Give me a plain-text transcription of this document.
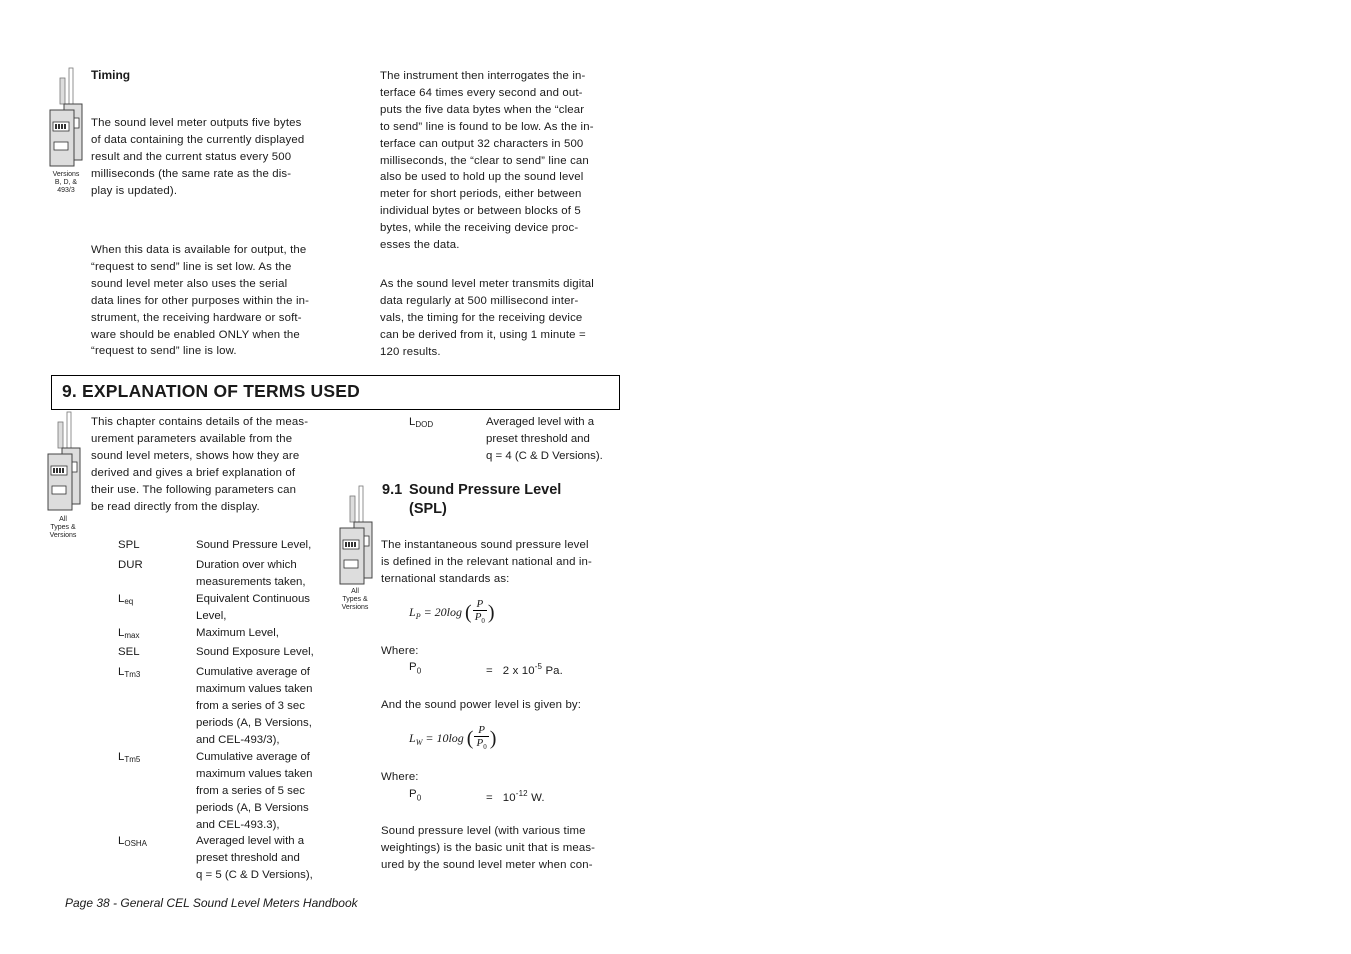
Versions
B, D, &
493/3
All
Types &
Versions
All
Types &
Versions
Timing
The sound level meter outputs five bytes
of data containing the currently displayed
result and the current status every 500
milliseconds (the same rate as the dis-
play is updated).
When this data is available for output, the
“request to send” line is set low. As the
sound level meter also uses the serial
data lines for other purposes within the in-
strument, the receiving hardware or soft-
ware should be enabled ONLY when the
“request to send” line is low.
The instrument then interrogates the in-
terface 64 times every second and out-
puts the five data bytes when the “clear
to send” line is found to be low. As the in-
terface can output 32 characters in 500
milliseconds, the “clear to send” line can
also be used to hold up the sound level
meter for short periods, either between
individual bytes or between blocks of 5
bytes, while the receiving device proc-
esses the data.
As the sound level meter transmits digital
data regularly at 500 millisecond inter-
vals, the timing for the receiving device
can be derived from it, using 1 minute =
120 results.
9. EXPLANATION OF TERMS USED
This chapter contains details of the meas-
urement parameters available from the
sound level meters, shows how they are
derived and gives a brief explanation of
their use. The following parameters can
be read directly from the display.
SPL	Sound Pressure Level,
DUR	Duration over which
measurements taken,
$L_{eq}$	Equivalent Continuous
Level,
$L_{max}$	Maximum Level,
SEL	Sound Exposure Level,
$L_{Tm3}$	Cumulative average of
maximum values taken
from a series of 3 sec
periods (A, B Versions,
and CEL-493/3),
$L_{Tm5}$	Cumulative average of
maximum values taken
from a series of 5 sec
periods (A, B Versions
and CEL-493.3),
$L_{OSHA}$	Averaged level with a
preset threshold and
q = 5 (C & D Versions),
$L_{DOD}$	Averaged level with a
preset threshold and
q = 4 (C & D Versions).
9.1 Sound Pressure Level
(SPL)
The instantaneous sound pressure level
is defined in the relevant national and in-
ternational standards as:
$L_P = 20\log$ ( $\frac{P}{P_0}$ )
Where:
$P_0$	= 2 x $10^{-5}$ Pa.
And the sound power level is given by:
$L_W = 10\log$ ( $\frac{P}{P_0}$ )
Where:
$P_0$	= $10^{-12}$ W.
Sound pressure level (with various time
weightings) is the basic unit that is meas-
ured by the sound level meter when con-
Page 38 - General CEL Sound Level Meters Handbook
